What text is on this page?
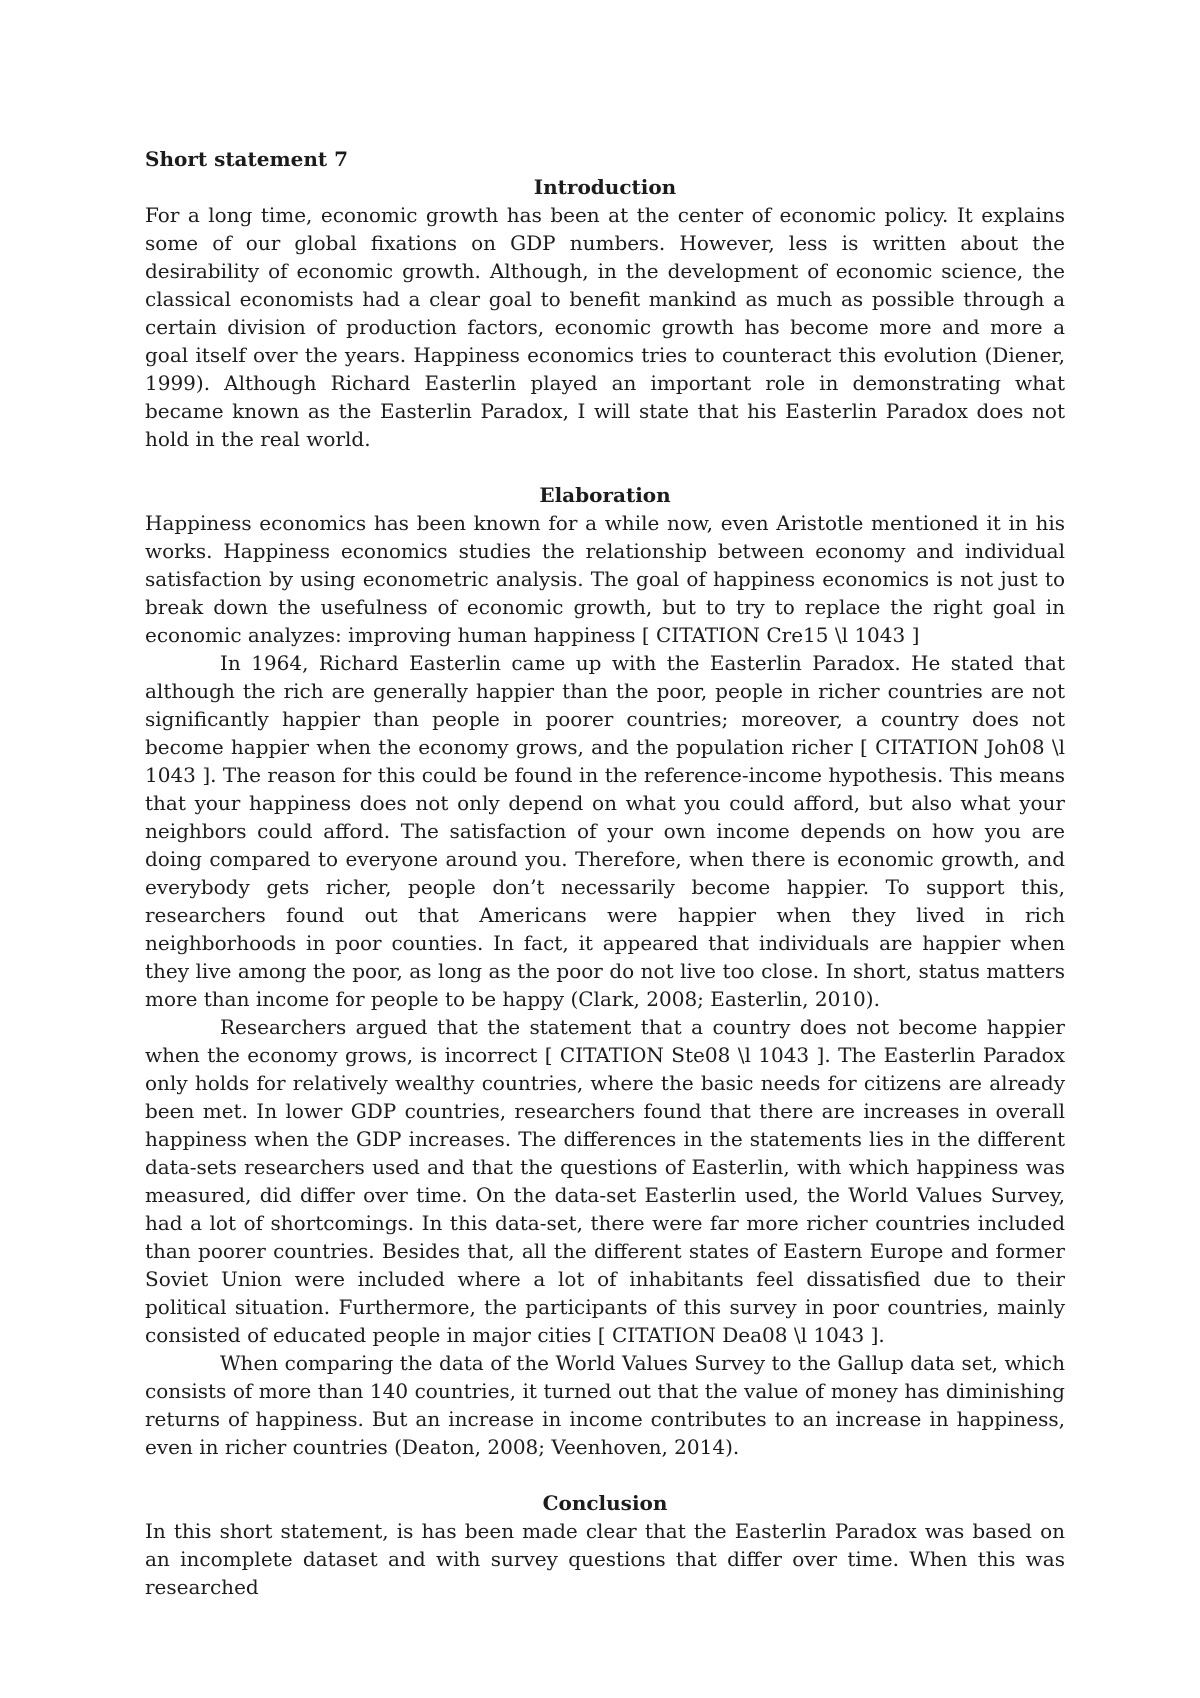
Short statement 7

Introduction

For a long time, economic growth has been at the center of economic policy. It explains some of our global fixations on GDP numbers. However, less is written about the desirability of economic growth. Although, in the development of economic science, the classical economists had a clear goal to benefit mankind as much as possible through a certain division of production factors, economic growth has become more and more a goal itself over the years. Happiness economics tries to counteract this evolution (Diener, 1999). Although Richard Easterlin played an important role in demonstrating what became known as the Easterlin Paradox, I will state that his Easterlin Paradox does not hold in the real world.

Elaboration

Happiness economics has been known for a while now, even Aristotle mentioned it in his works. Happiness economics studies the relationship between economy and individual satisfaction by using econometric analysis. The goal of happiness economics is not just to break down the usefulness of economic growth, but to try to replace the right goal in economic analyzes: improving human happiness [ CITATION Cre15 \l 1043 ]

In 1964, Richard Easterlin came up with the Easterlin Paradox. He stated that although the rich are generally happier than the poor, people in richer countries are not significantly happier than people in poorer countries; moreover, a country does not become happier when the economy grows, and the population richer [ CITATION Joh08 \l 1043 ]. The reason for this could be found in the reference-income hypothesis. This means that your happiness does not only depend on what you could afford, but also what your neighbors could afford. The satisfaction of your own income depends on how you are doing compared to everyone around you. Therefore, when there is economic growth, and everybody gets richer, people don’t necessarily become happier. To support this, researchers found out that Americans were happier when they lived in rich neighborhoods in poor counties. In fact, it appeared that individuals are happier when they live among the poor, as long as the poor do not live too close. In short, status matters more than income for people to be happy (Clark, 2008; Easterlin, 2010).

Researchers argued that the statement that a country does not become happier when the economy grows, is incorrect [ CITATION Ste08 \l 1043 ]. The Easterlin Paradox only holds for relatively wealthy countries, where the basic needs for citizens are already been met. In lower GDP countries, researchers found that there are increases in overall happiness when the GDP increases. The differences in the statements lies in the different data-sets researchers used and that the questions of Easterlin, with which happiness was measured, did differ over time. On the data-set Easterlin used, the World Values Survey, had a lot of shortcomings. In this data-set, there were far more richer countries included than poorer countries. Besides that, all the different states of Eastern Europe and former Soviet Union were included where a lot of inhabitants feel dissatisfied due to their political situation. Furthermore, the participants of this survey in poor countries, mainly consisted of educated people in major cities [ CITATION Dea08 \l 1043 ].

When comparing the data of the World Values Survey to the Gallup data set, which consists of more than 140 countries, it turned out that the value of money has diminishing returns of happiness. But an increase in income contributes to an increase in happiness, even in richer countries (Deaton, 2008; Veenhoven, 2014).

Conclusion

In this short statement, is has been made clear that the Easterlin Paradox was based on an incomplete dataset and with survey questions that differ over time. When this was researched
